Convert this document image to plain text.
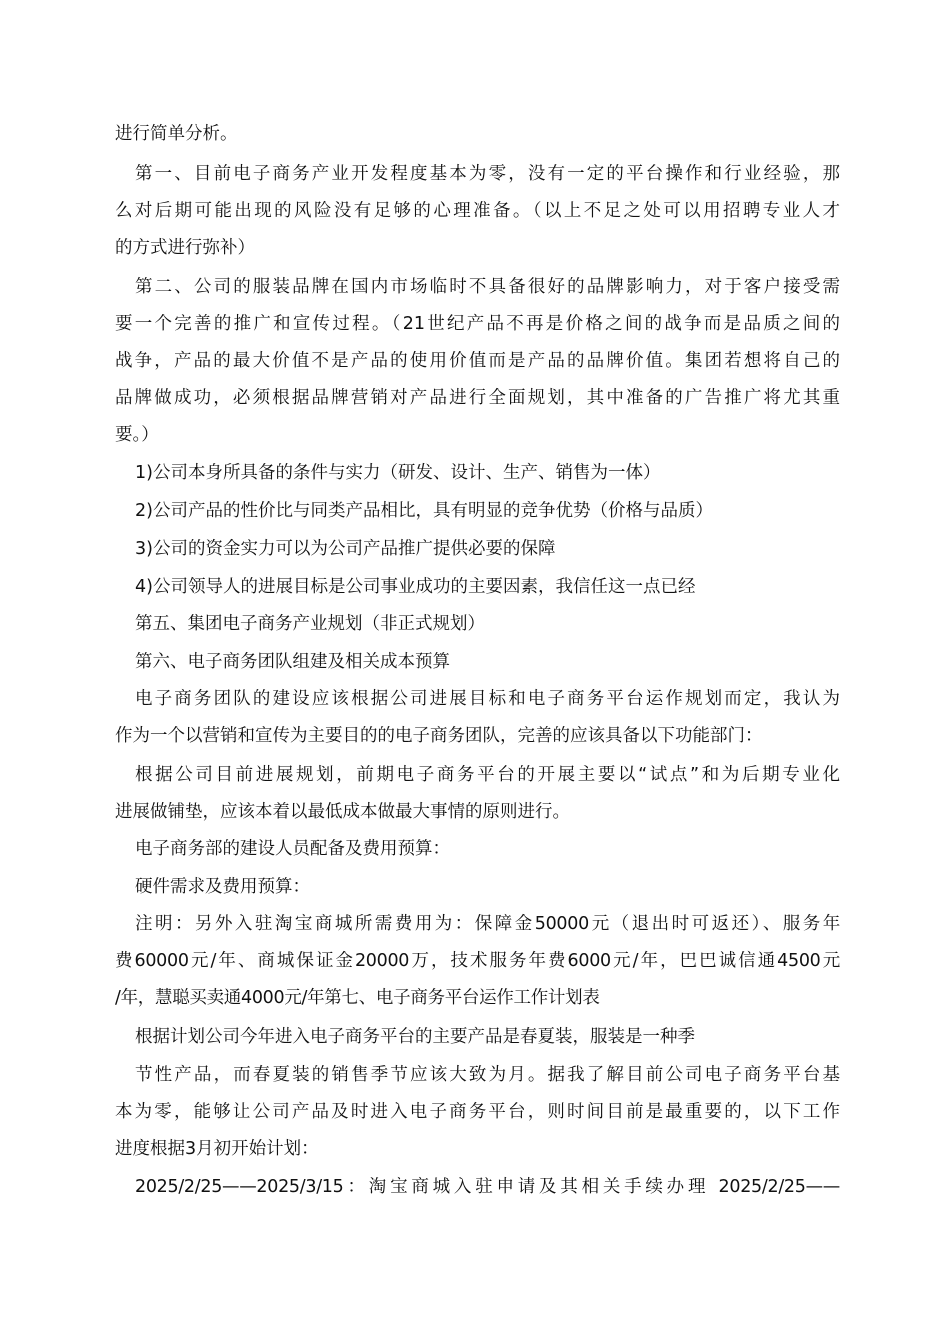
进行简单分析。
第一、目前电子商务产业开发程度基本为零，没有一定的平台操作和行业经验，那
么对后期可能出现的风险没有足够的心理准备。（以上不足之处可以用招聘专业人才
的方式进行弥补）
第二、公司的服装品牌在国内市场临时不具备很好的品牌影响力，对于客户接受需
要一个完善的推广和宣传过程。（21世纪产品不再是价格之间的战争而是品质之间的
战争，产品的最大价值不是产品的使用价值而是产品的品牌价值。集团若想将自己的
品牌做成功，必须根据品牌营销对产品进行全面规划，其中准备的广告推广将尤其重
要。）
1)公司本身所具备的条件与实力（研发、设计、生产、销售为一体）
2)公司产品的性价比与同类产品相比，具有明显的竞争优势（价格与品质）
3)公司的资金实力可以为公司产品推广提供必要的保障
4)公司领导人的进展目标是公司事业成功的主要因素，我信任这一点已经
第五、集团电子商务产业规划（非正式规划）
第六、电子商务团队组建及相关成本预算
电子商务团队的建设应该根据公司进展目标和电子商务平台运作规划而定，我认为
作为一个以营销和宣传为主要目的的电子商务团队，完善的应该具备以下功能部门：
根据公司目前进展规划，前期电子商务平台的开展主要以“试点”和为后期专业化
进展做铺垫，应该本着以最低成本做最大事情的原则进行。
电子商务部的建设人员配备及费用预算：
硬件需求及费用预算：
注明：另外入驻淘宝商城所需费用为：保障金50000元（退出时可返还）、服务年
费60000元/年、商城保证金20000万，技术服务年费6000元/年，巴巴诚信通4500元
/年，慧聪买卖通4000元/年第七、电子商务平台运作工作计划表
根据计划公司今年进入电子商务平台的主要产品是春夏装，服装是一种季
节性产品，而春夏装的销售季节应该大致为月。据我了解目前公司电子商务平台基
本为零，能够让公司产品及时进入电子商务平台，则时间目前是最重要的，以下工作
进度根据3月初开始计划：
2025/2/25——2025/3/15：淘宝商城入驻申请及其相关手续办理 2025/2/25——
